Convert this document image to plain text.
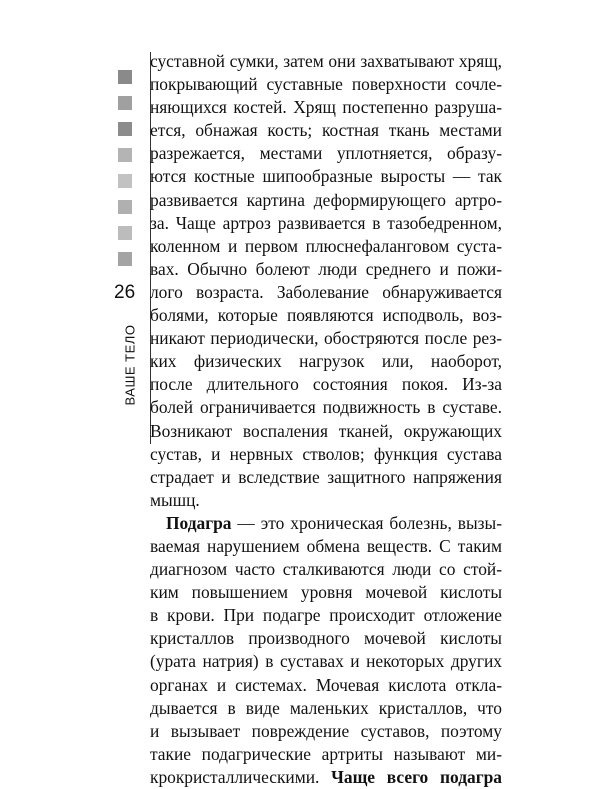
26
ВАШЕ ТЕЛО
суставной сумки, затем они захватывают хрящ,
покрывающий суставные поверхности сочле-
няющихся костей. Хрящ постепенно разруша-
ется, обнажая кость; костная ткань местами
разрежается, местами уплотняется, образу-
ются костные шипообразные выросты — так
развивается картина деформирующего артро-
за. Чаще артроз развивается в тазобедренном,
коленном и первом плюснефаланговом суста-
вах. Обычно болеют люди среднего и пожи-
лого возраста. Заболевание обнаруживается
болями, которые появляются исподволь, воз-
никают периодически, обостряются после рез-
ких физических нагрузок или, наоборот,
после длительного состояния покоя. Из-за
болей ограничивается подвижность в суставе.
Возникают воспаления тканей, окружающих
сустав, и нервных стволов; функция сустава
страдает и вследствие защитного напряжения
мышц.
Подагра — это хроническая болезнь, вызы-
ваемая нарушением обмена веществ. С таким
диагнозом часто сталкиваются люди со стой-
ким повышением уровня мочевой кислоты
в крови. При подагре происходит отложение
кристаллов производного мочевой кислоты
(урата натрия) в суставах и некоторых других
органах и системах. Мочевая кислота откла-
дывается в виде маленьких кристаллов, что
и вызывает повреждение суставов, поэтому
такие подагрические артриты называют ми-
крокристаллическими. Чаще всего подагра
